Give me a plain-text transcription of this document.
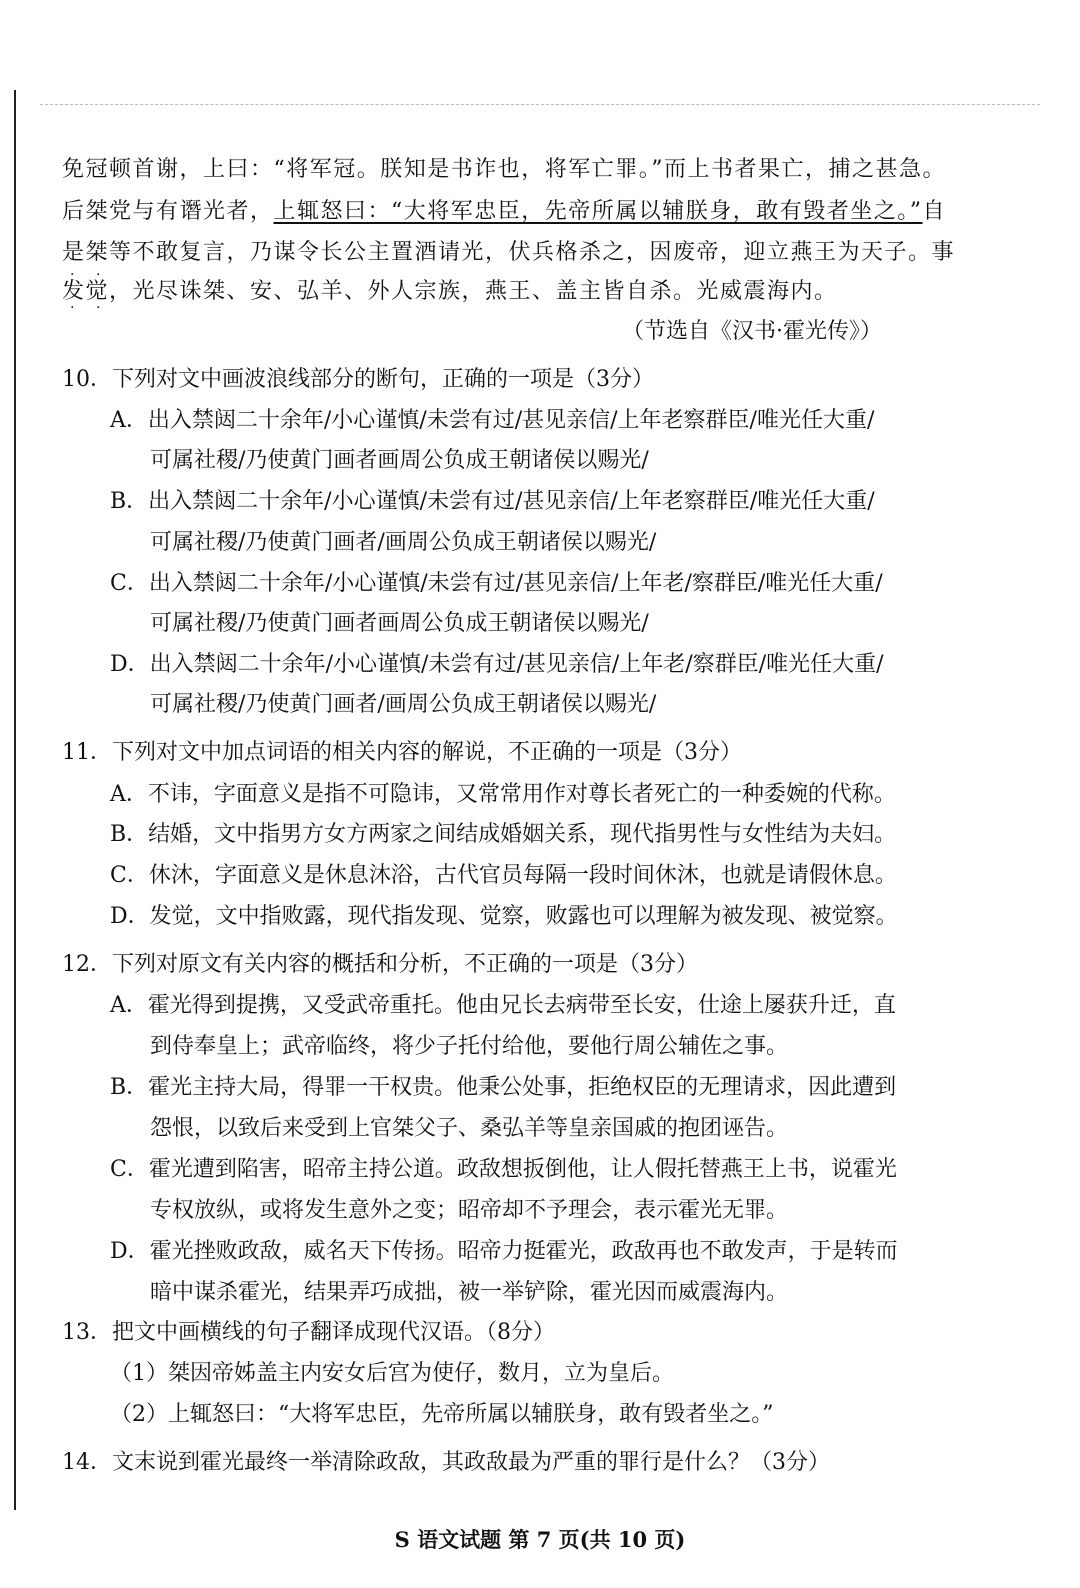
免冠顿首谢，上曰：“将军冠。朕知是书诈也，将军亡罪。”而上书者果亡，捕之甚急。
后桀党与有谮光者，上辄怒曰：“大将军忠臣，先帝所属以辅朕身，敢有毁者坐之。”自
是桀等不敢复言，乃谋令长公主置酒请光，伏兵格杀之，因废帝，迎立燕王为天子。事
发觉，光尽诛桀、安、弘羊、外人宗族，燕王、盖主皆自杀。光威震海内。
· ·
· ·
（节选自《汉书·霍光传》）
10．下列对文中画波浪线部分的断句，正确的一项是（3分）
A．出入禁闼二十余年/小心谨慎/未尝有过/甚见亲信/上年老察群臣/唯光任大重/
可属社稷/乃使黄门画者画周公负成王朝诸侯以赐光/
B．出入禁闼二十余年/小心谨慎/未尝有过/甚见亲信/上年老察群臣/唯光任大重/
可属社稷/乃使黄门画者/画周公负成王朝诸侯以赐光/
C．出入禁闼二十余年/小心谨慎/未尝有过/甚见亲信/上年老/察群臣/唯光任大重/
可属社稷/乃使黄门画者画周公负成王朝诸侯以赐光/
D．出入禁闼二十余年/小心谨慎/未尝有过/甚见亲信/上年老/察群臣/唯光任大重/
可属社稷/乃使黄门画者/画周公负成王朝诸侯以赐光/
11．下列对文中加点词语的相关内容的解说，不正确的一项是（3分）
A．不讳，字面意义是指不可隐讳，又常常用作对尊长者死亡的一种委婉的代称。
B．结婚，文中指男方女方两家之间结成婚姻关系，现代指男性与女性结为夫妇。
C．休沐，字面意义是休息沐浴，古代官员每隔一段时间休沐，也就是请假休息。
D．发觉，文中指败露，现代指发现、觉察，败露也可以理解为被发现、被觉察。
12．下列对原文有关内容的概括和分析，不正确的一项是（3分）
A．霍光得到提携，又受武帝重托。他由兄长去病带至长安，仕途上屡获升迁，直
到侍奉皇上；武帝临终，将少子托付给他，要他行周公辅佐之事。
B．霍光主持大局，得罪一干权贵。他秉公处事，拒绝权臣的无理请求，因此遭到
怨恨，以致后来受到上官桀父子、桑弘羊等皇亲国戚的抱团诬告。
C．霍光遭到陷害，昭帝主持公道。政敌想扳倒他，让人假托替燕王上书，说霍光
专权放纵，或将发生意外之变；昭帝却不予理会，表示霍光无罪。
D．霍光挫败政敌，威名天下传扬。昭帝力挺霍光，政敌再也不敢发声，于是转而
暗中谋杀霍光，结果弄巧成拙，被一举铲除，霍光因而威震海内。
13．把文中画横线的句子翻译成现代汉语。（8分）
（1）桀因帝姊盖主内安女后宫为使仔，数月，立为皇后。
（2）上辄怒曰：“大将军忠臣，先帝所属以辅朕身，敢有毁者坐之。”
14．文末说到霍光最终一举清除政敌，其政敌最为严重的罪行是什么？（3分）
S 语文试题 第 7 页(共 10 页)
